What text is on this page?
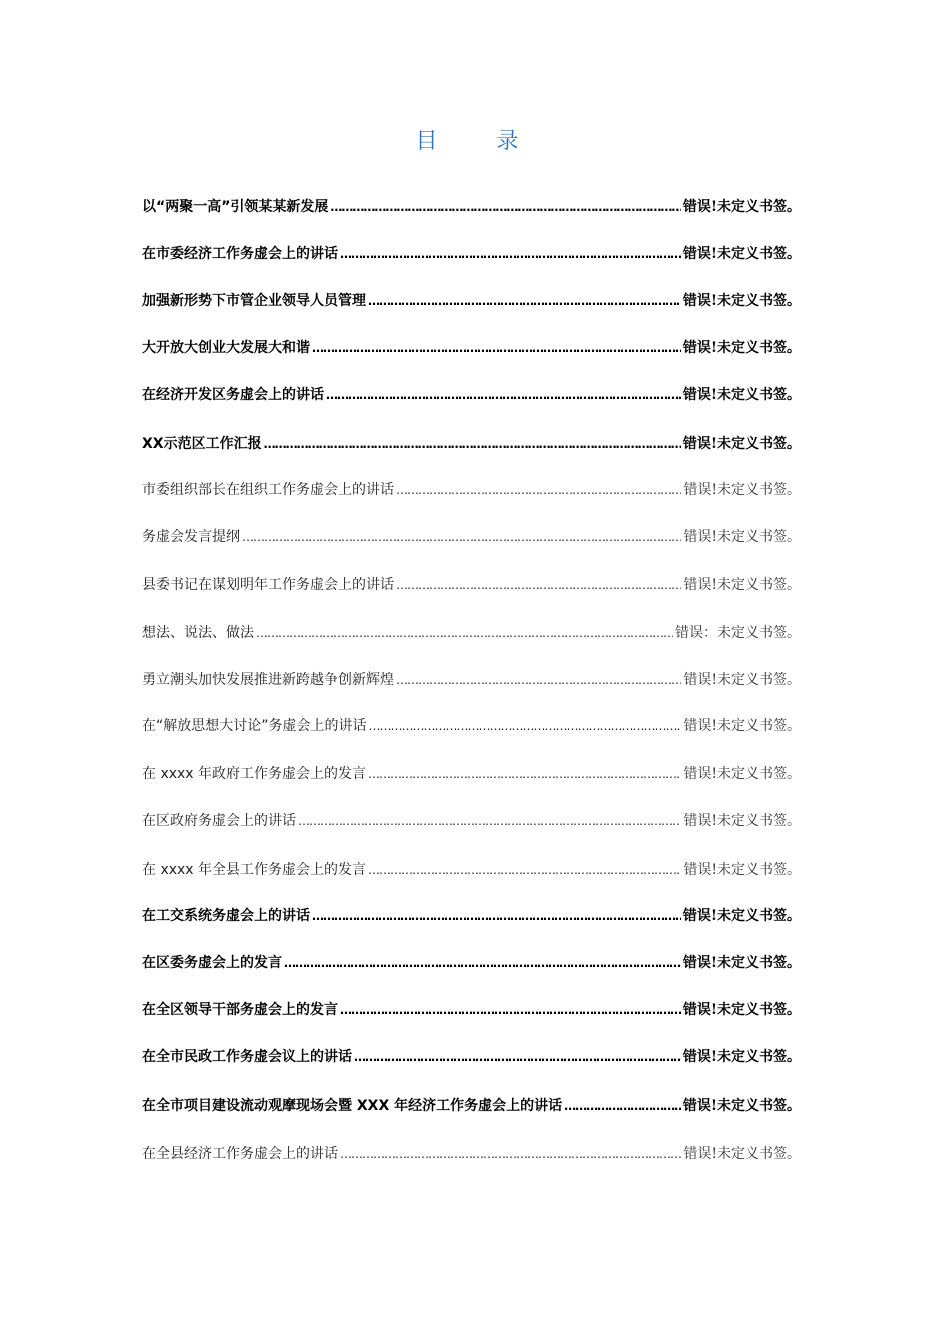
目 录
以“两聚一高”引领某某新发展 …………………………………………………………………………………………………………………………………………………………………………………	错误!未定义书签。
在市委经济工作务虚会上的讲话 …………………………………………………………………………………………………………………………………………………………………………………	错误!未定义书签。
加强新形势下市管企业领导人员管理 …………………………………………………………………………………………………………………………………………………………………………………	错误!未定义书签。
大开放大创业大发展大和谐 …………………………………………………………………………………………………………………………………………………………………………………	错误!未定义书签。
在经济开发区务虚会上的讲话 …………………………………………………………………………………………………………………………………………………………………………………	错误!未定义书签。
XX示范区工作汇报 …………………………………………………………………………………………………………………………………………………………………………………	错误!未定义书签。
市委组织部长在组织工作务虚会上的讲话 …………………………………………………………………………………………………………………………………………………………………………………	错误!未定义书签。
务虚会发言提纲 …………………………………………………………………………………………………………………………………………………………………………………	错误!未定义书签。
县委书记在谋划明年工作务虚会上的讲话 …………………………………………………………………………………………………………………………………………………………………………………	错误!未定义书签。
想法、说法、做法 …………………………………………………………………………………………………………………………………………………………………………………	错误：未定义书签。
勇立潮头加快发展推进新跨越争创新辉煌 …………………………………………………………………………………………………………………………………………………………………………………	错误!未定义书签。
在“解放思想大讨论”务虚会上的讲话 …………………………………………………………………………………………………………………………………………………………………………………	错误!未定义书签。
在 xxxx 年政府工作务虚会上的发言 …………………………………………………………………………………………………………………………………………………………………………………	错误!未定义书签。
在区政府务虚会上的讲话 …………………………………………………………………………………………………………………………………………………………………………………	错误!未定义书签。
在 xxxx 年全县工作务虚会上的发言 …………………………………………………………………………………………………………………………………………………………………………………	错误!未定义书签。
在工交系统务虚会上的讲话 …………………………………………………………………………………………………………………………………………………………………………………	错误!未定义书签。
在区委务虚会上的发言 …………………………………………………………………………………………………………………………………………………………………………………	错误!未定义书签。
在全区领导干部务虚会上的发言 …………………………………………………………………………………………………………………………………………………………………………………	错误!未定义书签。
在全市民政工作务虚会议上的讲话 …………………………………………………………………………………………………………………………………………………………………………………	错误!未定义书签。
在全市项目建设流动观摩现场会暨 XXX 年经济工作务虚会上的讲话 …………………………………………………………………………………………………………………………………………………………………………………	错误!未定义书签。
在全县经济工作务虚会上的讲话 …………………………………………………………………………………………………………………………………………………………………………………	错误!未定义书签。
